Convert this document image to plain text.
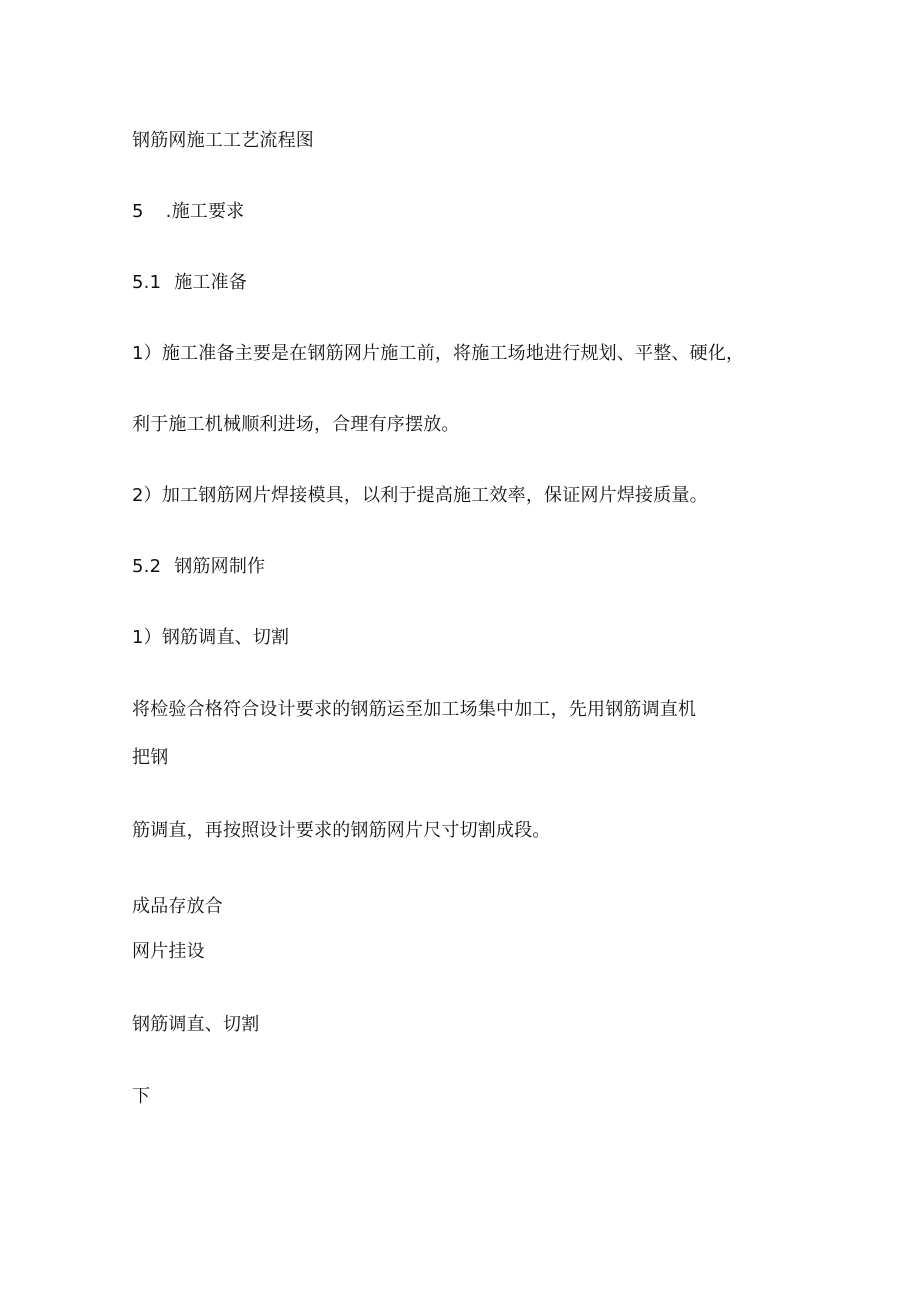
钢筋网施工工艺流程图
5 .施工要求
5.1 施工准备
1）施工准备主要是在钢筋网片施工前，将施工场地进行规划、平整、硬化，
利于施工机械顺利进场，合理有序摆放。
2）加工钢筋网片焊接模具，以利于提高施工效率，保证网片焊接质量。
5.2 钢筋网制作
1）钢筋调直、切割
将检验合格符合设计要求的钢筋运至加工场集中加工，先用钢筋调直机
把钢
筋调直，再按照设计要求的钢筋网片尺寸切割成段。
成品存放合
网片挂设
钢筋调直、切割
下
